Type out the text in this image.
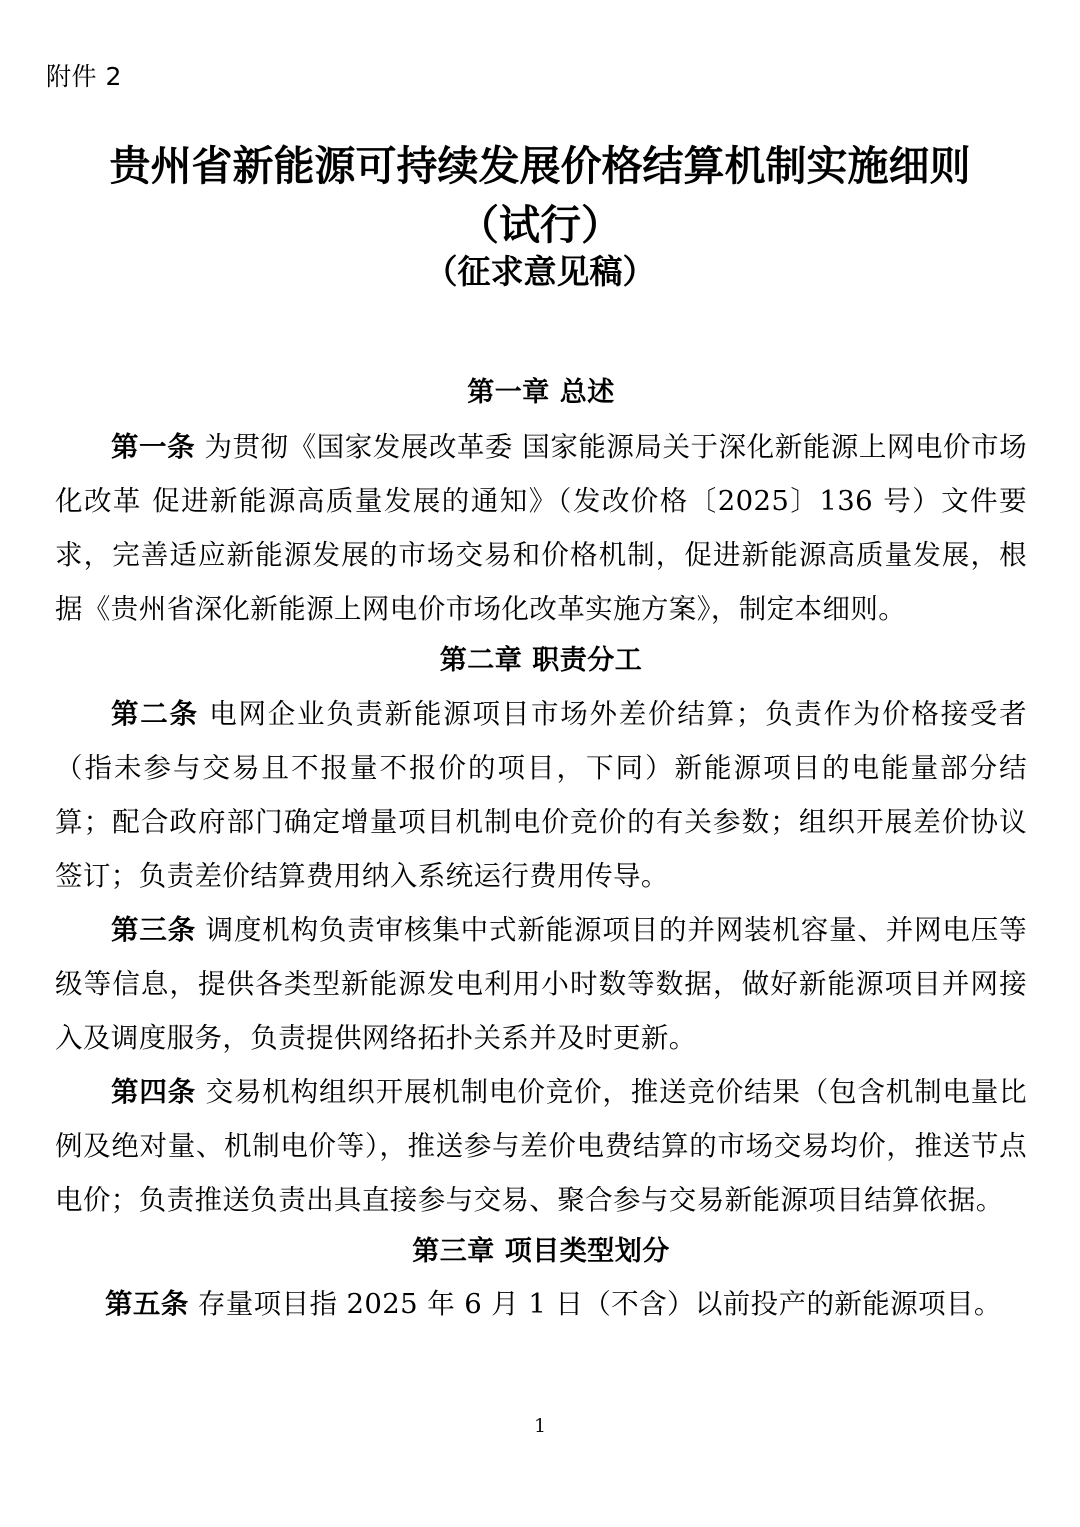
附件 2
贵州省新能源可持续发展价格结算机制实施细则（试行）
（征求意见稿）
第一章 总述

第一条 为贯彻《国家发展改革委 国家能源局关于深化新能源上网电价市场化改革 促进新能源高质量发展的通知》（发改价格〔2025〕136 号）文件要求，完善适应新能源发展的市场交易和价格机制，促进新能源高质量发展，根据《贵州省深化新能源上网电价市场化改革实施方案》，制定本细则。

第二章 职责分工

第二条 电网企业负责新能源项目市场外差价结算；负责作为价格接受者（指未参与交易且不报量不报价的项目，下同）新能源项目的电能量部分结算；配合政府部门确定增量项目机制电价竞价的有关参数；组织开展差价协议签订；负责差价结算费用纳入系统运行费用传导。

第三条 调度机构负责审核集中式新能源项目的并网装机容量、并网电压等级等信息，提供各类型新能源发电利用小时数等数据，做好新能源项目并网接入及调度服务，负责提供网络拓扑关系并及时更新。

第四条 交易机构组织开展机制电价竞价，推送竞价结果（包含机制电量比例及绝对量、机制电价等），推送参与差价电费结算的市场交易均价，推送节点电价；负责推送负责出具直接参与交易、聚合参与交易新能源项目结算依据。

第三章 项目类型划分

第五条 存量项目指 2025 年 6 月 1 日（不含）以前投产的新能源项目。

1
